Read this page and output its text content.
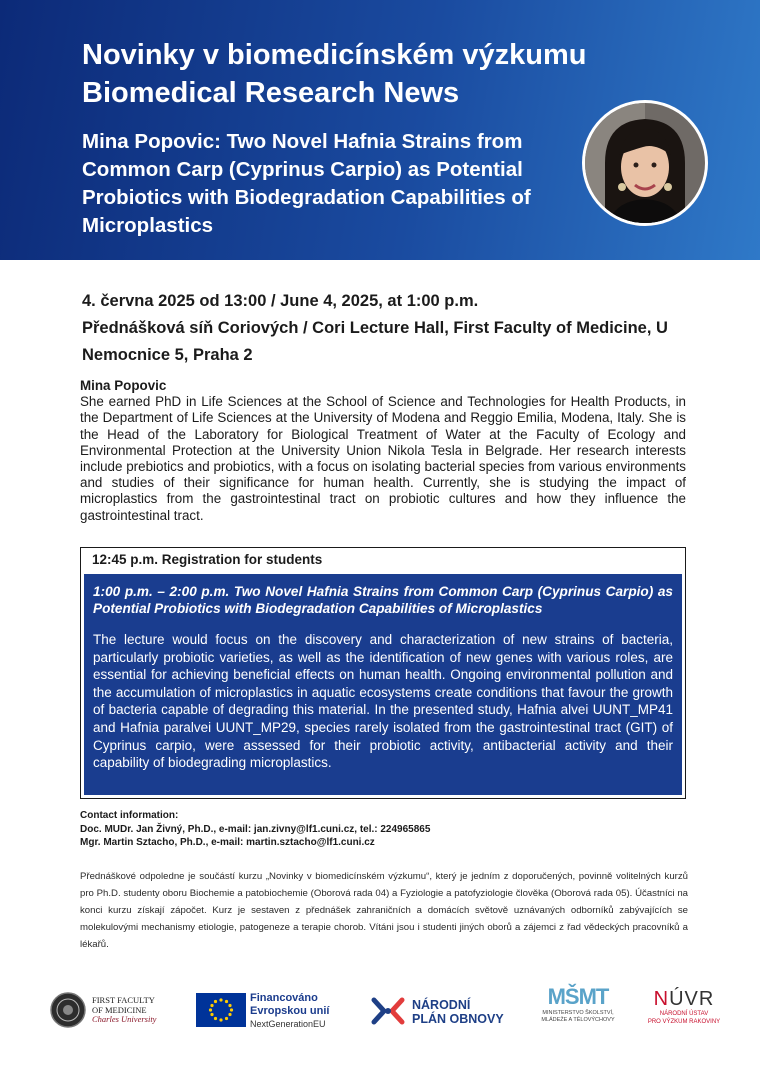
Novinky v biomedicínském výzkumu
Biomedical Research News
Mina Popovic: Two Novel Hafnia Strains from Common Carp (Cyprinus Carpio) as Potential Probiotics with Biodegradation Capabilities of Microplastics
4. června 2025 od 13:00 / June 4, 2025, at 1:00 p.m.
Přednášková síň Coriových / Cori Lecture Hall, First Faculty of Medicine, U Nemocnice 5, Praha 2
Mina Popovic
She earned PhD in Life Sciences at the School of Science and Technologies for Health Products, in the Department of Life Sciences at the University of Modena and Reggio Emilia, Modena, Italy. She is the Head of the Laboratory for Biological Treatment of Water at the Faculty of Ecology and Environmental Protection at the University Union Nikola Tesla in Belgrade. Her research interests include prebiotics and probiotics, with a focus on isolating bacterial species from various environments and studies of their significance for human health. Currently, she is studying the impact of microplastics from the gastrointestinal tract on probiotic cultures and how they influence the gastrointestinal tract.
12:45 p.m. Registration for students
1:00 p.m. – 2:00 p.m. Two Novel Hafnia Strains from Common Carp (Cyprinus Carpio) as Potential Probiotics with Biodegradation Capabilities of Microplastics
The lecture would focus on the discovery and characterization of new strains of bacteria, particularly probiotic varieties, as well as the identification of new genes with various roles, are essential for achieving beneficial effects on human health. Ongoing environmental pollution and the accumulation of microplastics in aquatic ecosystems create conditions that favour the growth of bacteria capable of degrading this material. In the presented study, Hafnia alvei UUNT_MP41 and Hafnia paralvei UUNT_MP29, species rarely isolated from the gastrointestinal tract (GIT) of Cyprinus carpio, were assessed for their probiotic activity, antibacterial activity and their capability of biodegrading microplastics.
Contact information:
Doc. MUDr. Jan Živný, Ph.D., e-mail: jan.zivny@lf1.cuni.cz, tel.: 224965865
Mgr. Martin Sztacho, Ph.D., e-mail: martin.sztacho@lf1.cuni.cz
Přednáškové odpoledne je součástí kurzu „Novinky v biomedicínském výzkumu“, který je jedním z doporučených, povinně volitelných kurzů pro Ph.D. studenty oboru Biochemie a patobiochemie (Oborová rada 04) a Fyziologie a patofyziologie člověka (Oborová rada 05). Účastníci na konci kurzu získají zápočet. Kurz je sestaven z přednášek zahraničních a domácích světově uznávaných odborníků zabývajících se molekulovými mechanismy etiologie, patogeneze a terapie chorob. Vítáni jsou i studenti jiných oborů a zájemci z řad vědeckých pracovníků a lékařů.
FIRST FACULTY
OF MEDICINE
Charles University
Financováno
Evropskou unií
NextGenerationEU
NÁRODNÍ
PLÁN OBNOVY
MŠMT
MINISTERSTVO ŠKOLSTVÍ,
MLÁDEŽE A TĚLOVÝCHOVY
NÚVR
NÁRODNÍ ÚSTAV
PRO VÝZKUM RAKOVINY
